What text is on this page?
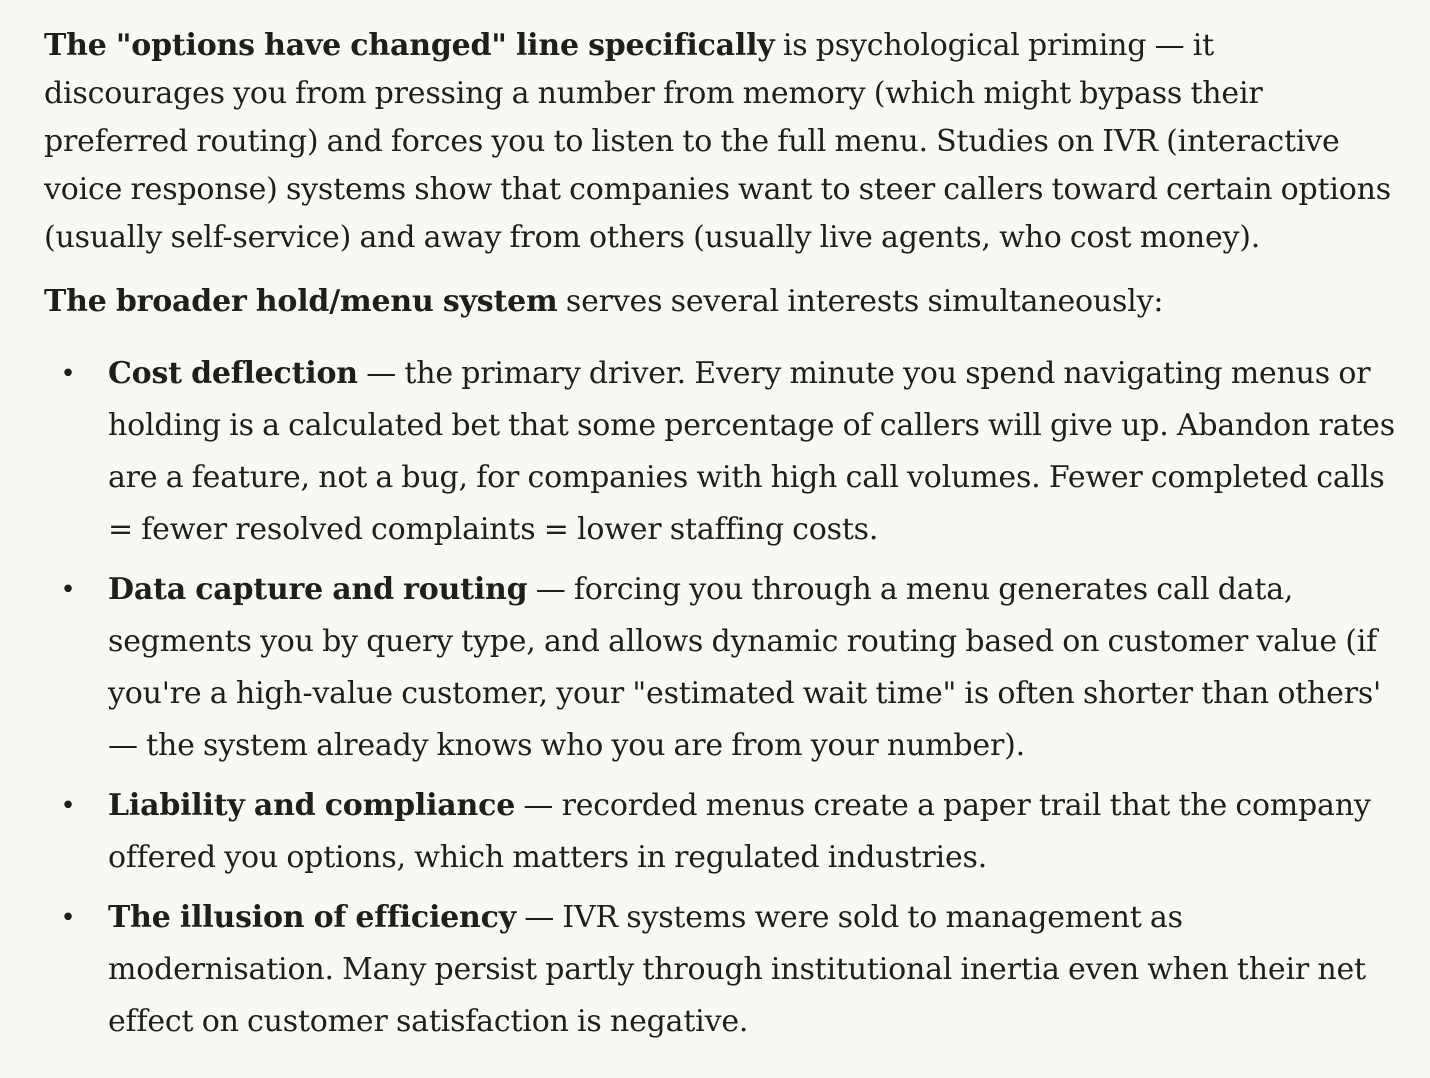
The "options have changed" line specifically is psychological priming — it discourages you from pressing a number from memory (which might bypass their preferred routing) and forces you to listen to the full menu. Studies on IVR (interactive voice response) systems show that companies want to steer callers toward certain options (usually self-service) and away from others (usually live agents, who cost money).

The broader hold/menu system serves several interests simultaneously:

• Cost deflection — the primary driver. Every minute you spend navigating menus or holding is a calculated bet that some percentage of callers will give up. Abandon rates are a feature, not a bug, for companies with high call volumes. Fewer completed calls = fewer resolved complaints = lower staffing costs.
• Data capture and routing — forcing you through a menu generates call data, segments you by query type, and allows dynamic routing based on customer value (if you're a high-value customer, your "estimated wait time" is often shorter than others' — the system already knows who you are from your number).
• Liability and compliance — recorded menus create a paper trail that the company offered you options, which matters in regulated industries.
• The illusion of efficiency — IVR systems were sold to management as modernisation. Many persist partly through institutional inertia even when their net effect on customer satisfaction is negative.
